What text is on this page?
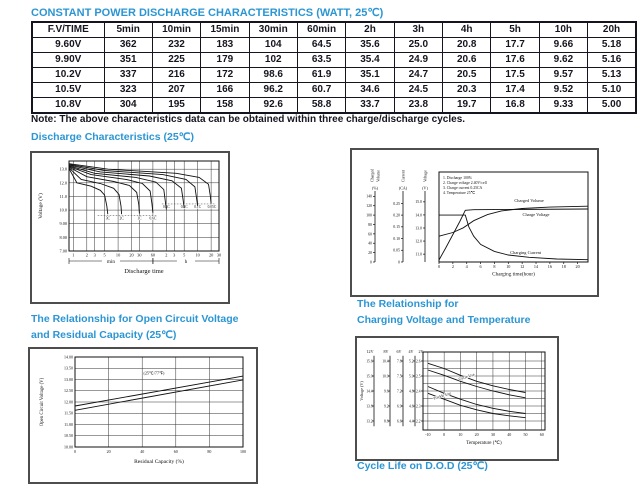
CONSTANT POWER DISCHARGE CHARACTERISTICS (WATT, 25℃)
F.V/TIME	5min	10min	15min	30min	60min	2h	3h	4h	5h	10h	20h
9.60V	362	232	183	104	64.5	35.6	25.0	20.8	17.7	9.66	5.18
9.90V	351	225	179	102	63.5	35.4	24.9	20.6	17.6	9.62	5.16
10.2V	337	216	172	98.6	61.9	35.1	24.7	20.5	17.5	9.57	5.13
10.5V	323	207	166	96.2	60.7	34.6	24.5	20.3	17.4	9.52	5.10
10.8V	304	195	158	92.6	58.8	33.7	23.8	19.7	16.8	9.33	5.00
Note: The above characteristics data can be obtained within three charge/discharge cycles.
Discharge Characteristics (25℃)
1	2 3 5 10 20 30 60 2 3 5 10 20 30
7.00
8.00
9.00
10.0
11.0
12.0
13.0
3C	2C	1C 0.6C
0.4C	0.2C 0.1C 0.05C
Voltage (V)
min	h
Discharge time
Charged Volume
(%)
0
20
40
60
80
100
120
140
Current
(CA)
0
0.05
0.10
0.15
0.20
0.25
Voltage
(V)
11.0
12.0
13.0
14.0
15.0
0	2	4	6	8	10 12 14 16 18 20
1. Discharge 100%
2. Charge voltage 2.40V/cell
3. Charge current 0.25CA
4. Temperature 25℃
Charged Volume
Charge Voltage
Charging Current
Charging time(hour)
The Relationship for Open Circuit Voltage
and Residual Capacity (25℃)
10.00
10.50
11.00
11.50
12.00
12.50
13.00
13.50
14.00
0	20	40	60	80	100
(25℃/77℉)
Open Circuit Voltage (V)
Residual Capacity (%)
The Relationship for
Charging Voltage and Temperature
-10	0	10	20	30	40	50	60
12V
15.6
15.0
14.4
13.8
13.2
8V
10.4
10.0
9.6
9.2
8.8
6V
7.8
7.5
7.2
6.9
6.6
4V
5.2
5.0
4.8
4.6
4.4
2V
2.6
2.5
2.4
2.3
2.2
Cycle Use
Trickle Use
Voltage (V)
Temperature (℃)
Cycle Life on D.O.D (25℃)
